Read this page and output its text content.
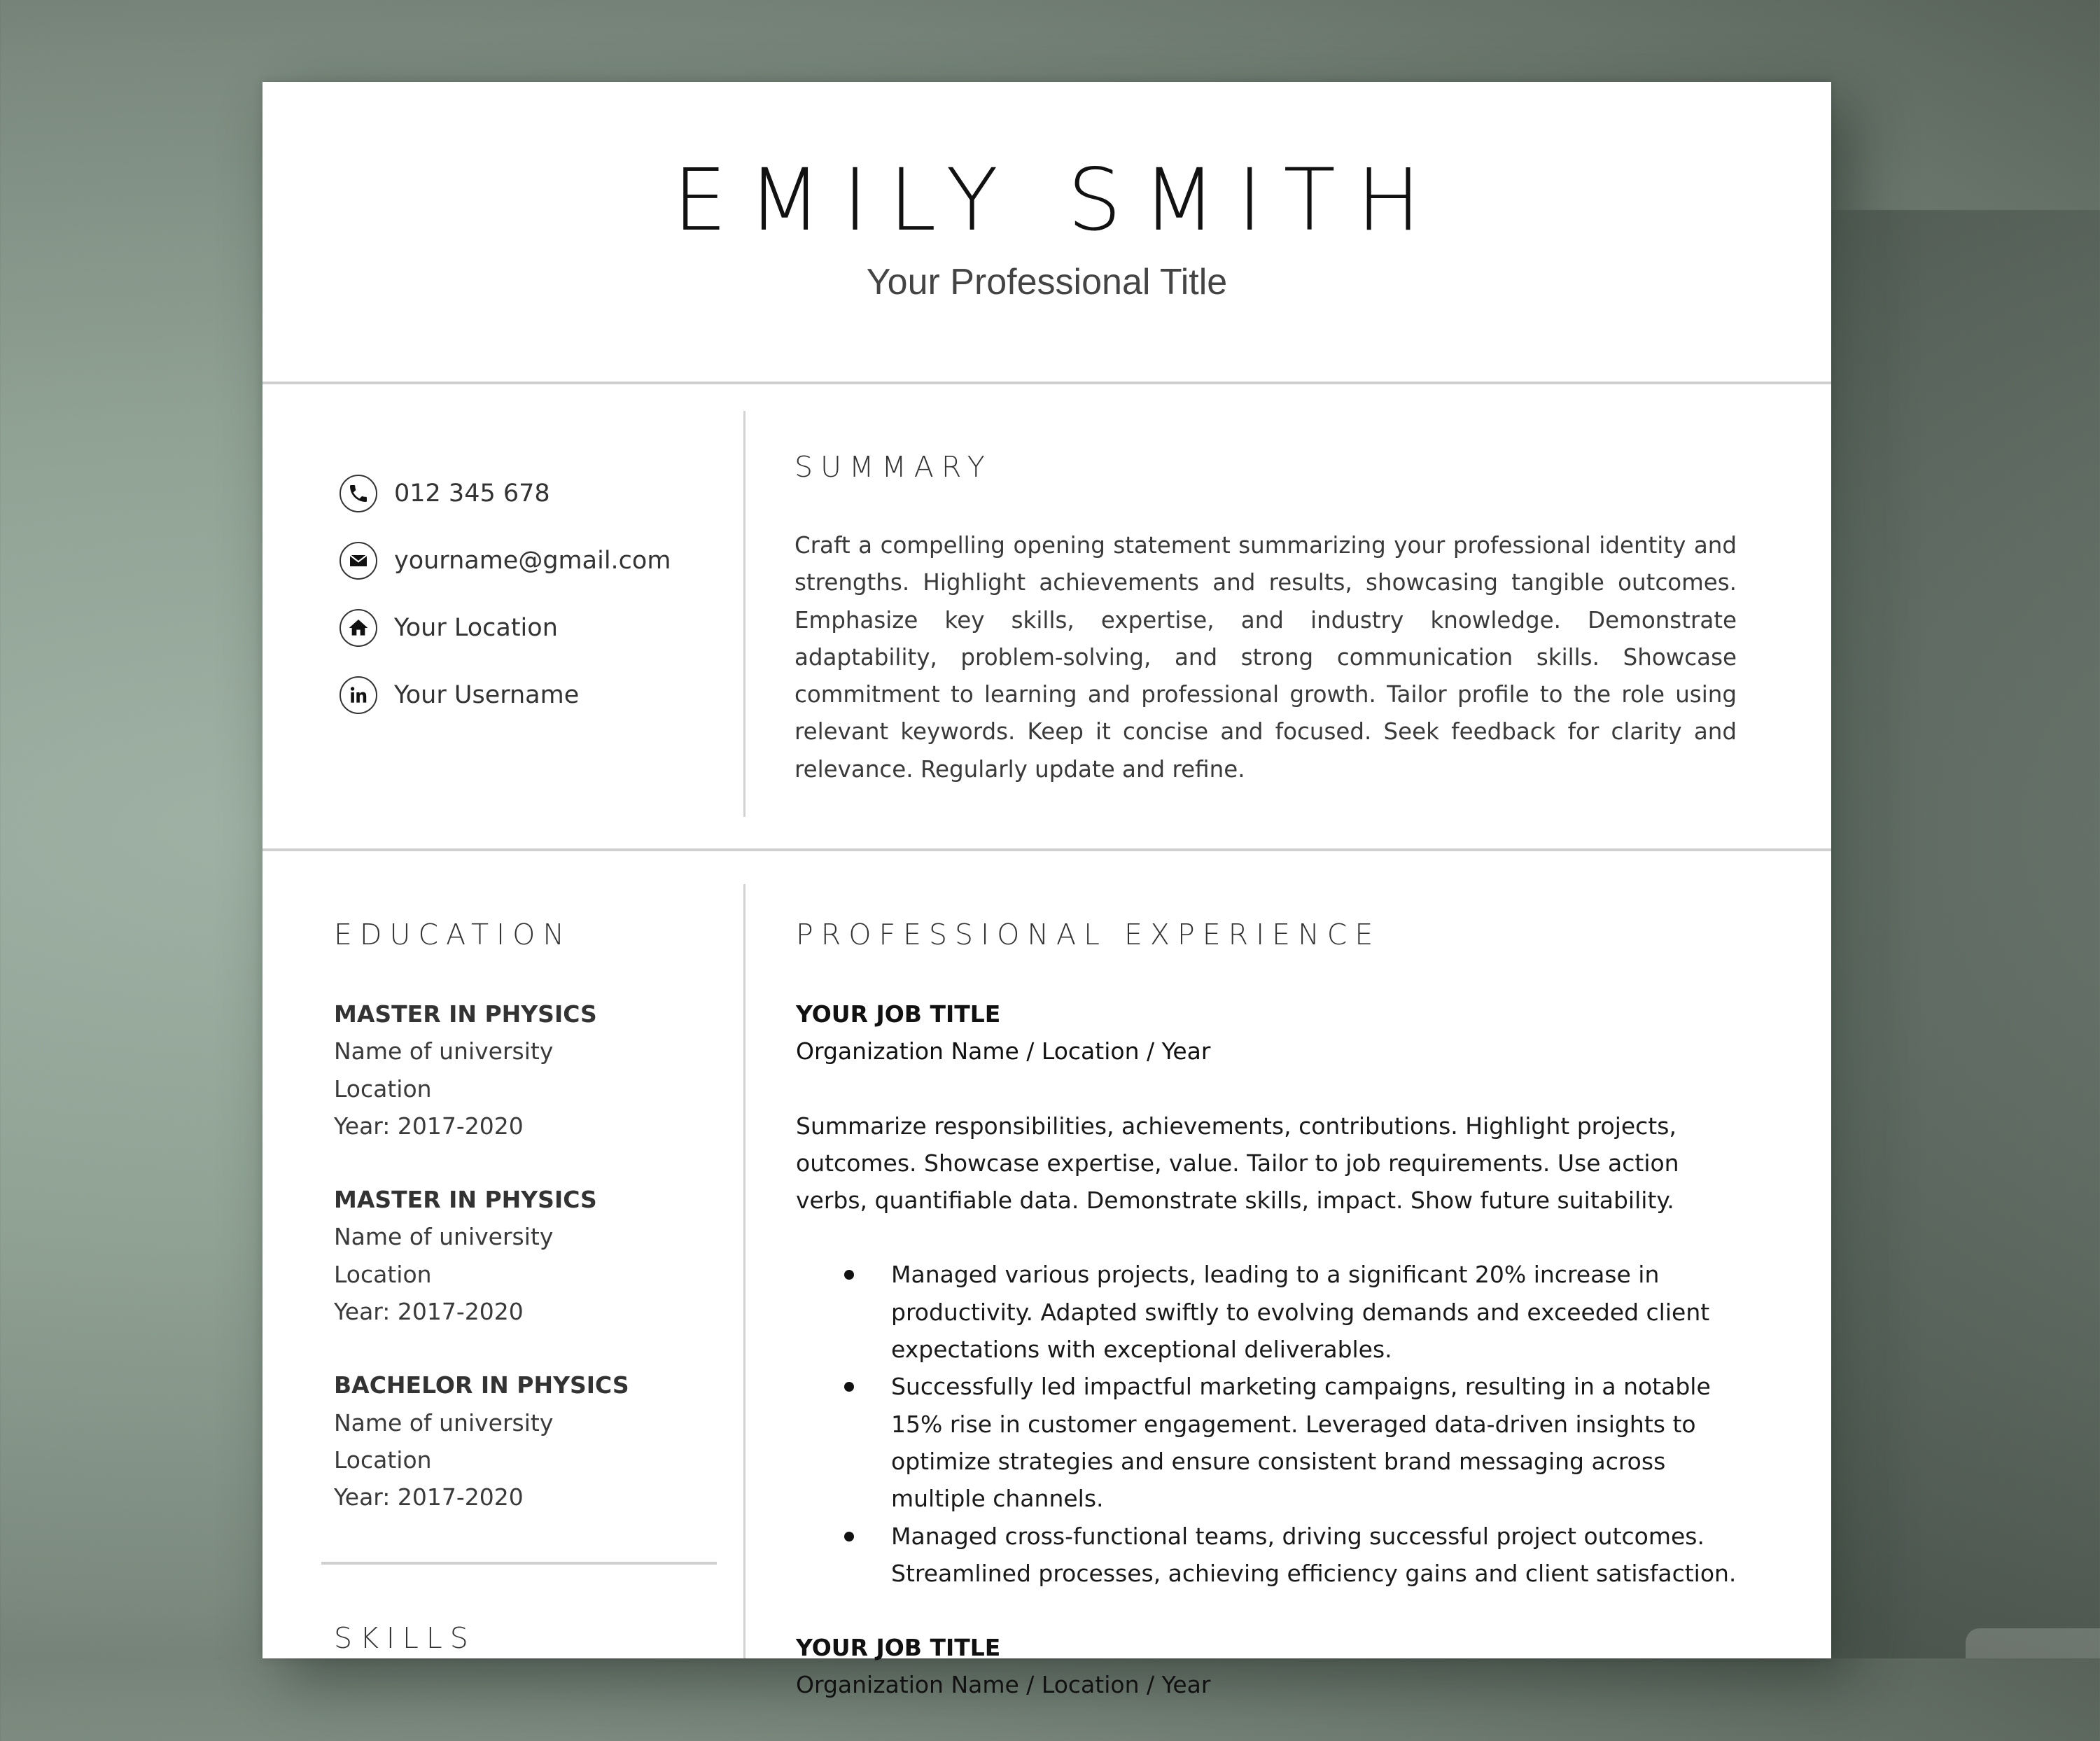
EMILY SMITH
Your Professional Title
012 345 678
yourname@gmail.com
Your Location
Your Username
SUMMARY

Craft a compelling opening statement summarizing your professional identity and strengths. Highlight achievements and results, showcasing tangible outcomes. Emphasize key skills, expertise, and industry knowledge. Demonstrate adaptability, problem-solving, and strong communication skills. Showcase commitment to learning and professional growth. Tailor profile to the role using relevant keywords. Keep it concise and focused. Seek feedback for clarity and relevance. Regularly update and refine.

EDUCATION
MASTER IN PHYSICS
Name of university
Location
Year: 2017-2020
MASTER IN PHYSICS
Name of university
Location
Year: 2017-2020
BACHELOR IN PHYSICS
Name of university
Location
Year: 2017-2020
SKILLS
PROFESSIONAL EXPERIENCE
YOUR JOB TITLE
Organization Name / Location / Year

Summarize responsibilities, achievements, contributions. Highlight projects, outcomes. Showcase expertise, value. Tailor to job requirements. Use action verbs, quantifiable data. Demonstrate skills, impact. Show future suitability.

Managed various projects, leading to a significant 20% increase in productivity. Adapted swiftly to evolving demands and exceeded client expectations with exceptional deliverables.
Successfully led impactful marketing campaigns, resulting in a notable 15% rise in customer engagement. Leveraged data-driven insights to optimize strategies and ensure consistent brand messaging across multiple channels.
Managed cross-functional teams, driving successful project outcomes. Streamlined processes, achieving efficiency gains and client satisfaction.
YOUR JOB TITLE
Organization Name / Location / Year
